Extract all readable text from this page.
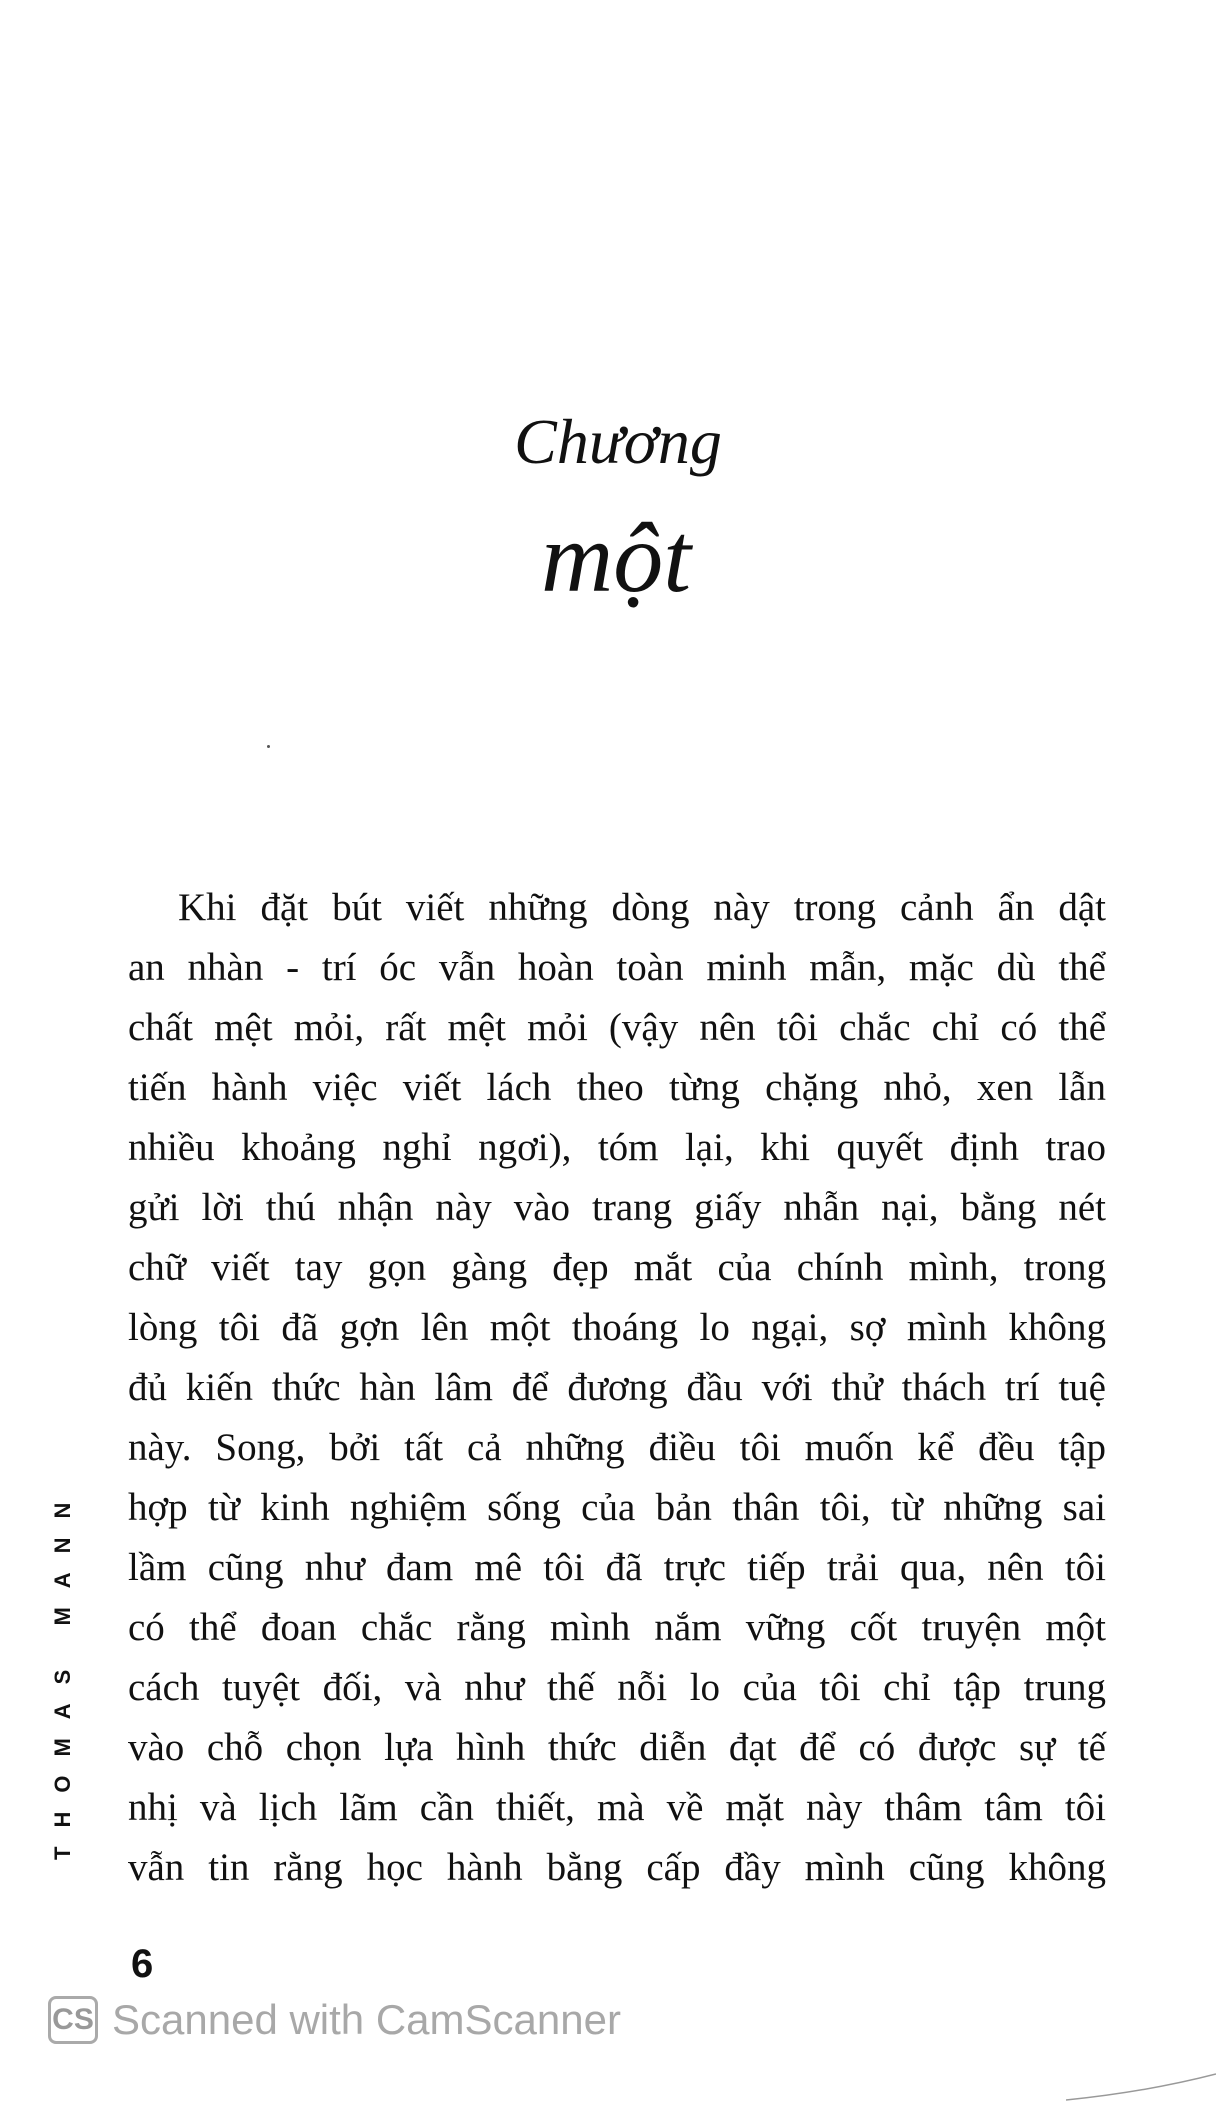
Chương
một
Khi đặt bút viết những dòng này trong cảnh ẩn dật
an nhàn - trí óc vẫn hoàn toàn minh mẫn, mặc dù thể
chất mệt mỏi, rất mệt mỏi (vậy nên tôi chắc chỉ có thể
tiến hành việc viết lách theo từng chặng nhỏ, xen lẫn
nhiều khoảng nghỉ ngơi), tóm lại, khi quyết định trao
gửi lời thú nhận này vào trang giấy nhẫn nại, bằng nét
chữ viết tay gọn gàng đẹp mắt của chính mình, trong
lòng tôi đã gợn lên một thoáng lo ngại, sợ mình không
đủ kiến thức hàn lâm để đương đầu với thử thách trí tuệ
này. Song, bởi tất cả những điều tôi muốn kể đều tập
hợp từ kinh nghiệm sống của bản thân tôi, từ những sai
lầm cũng như đam mê tôi đã trực tiếp trải qua, nên tôi
có thể đoan chắc rằng mình nắm vững cốt truyện một
cách tuyệt đối, và như thế nỗi lo của tôi chỉ tập trung
vào chỗ chọn lựa hình thức diễn đạt để có được sự tế
nhị và lịch lãm cần thiết, mà về mặt này thâm tâm tôi
vẫn tin rằng học hành bằng cấp đầy mình cũng không
THOMAS MANN
6
CS Scanned with CamScanner
